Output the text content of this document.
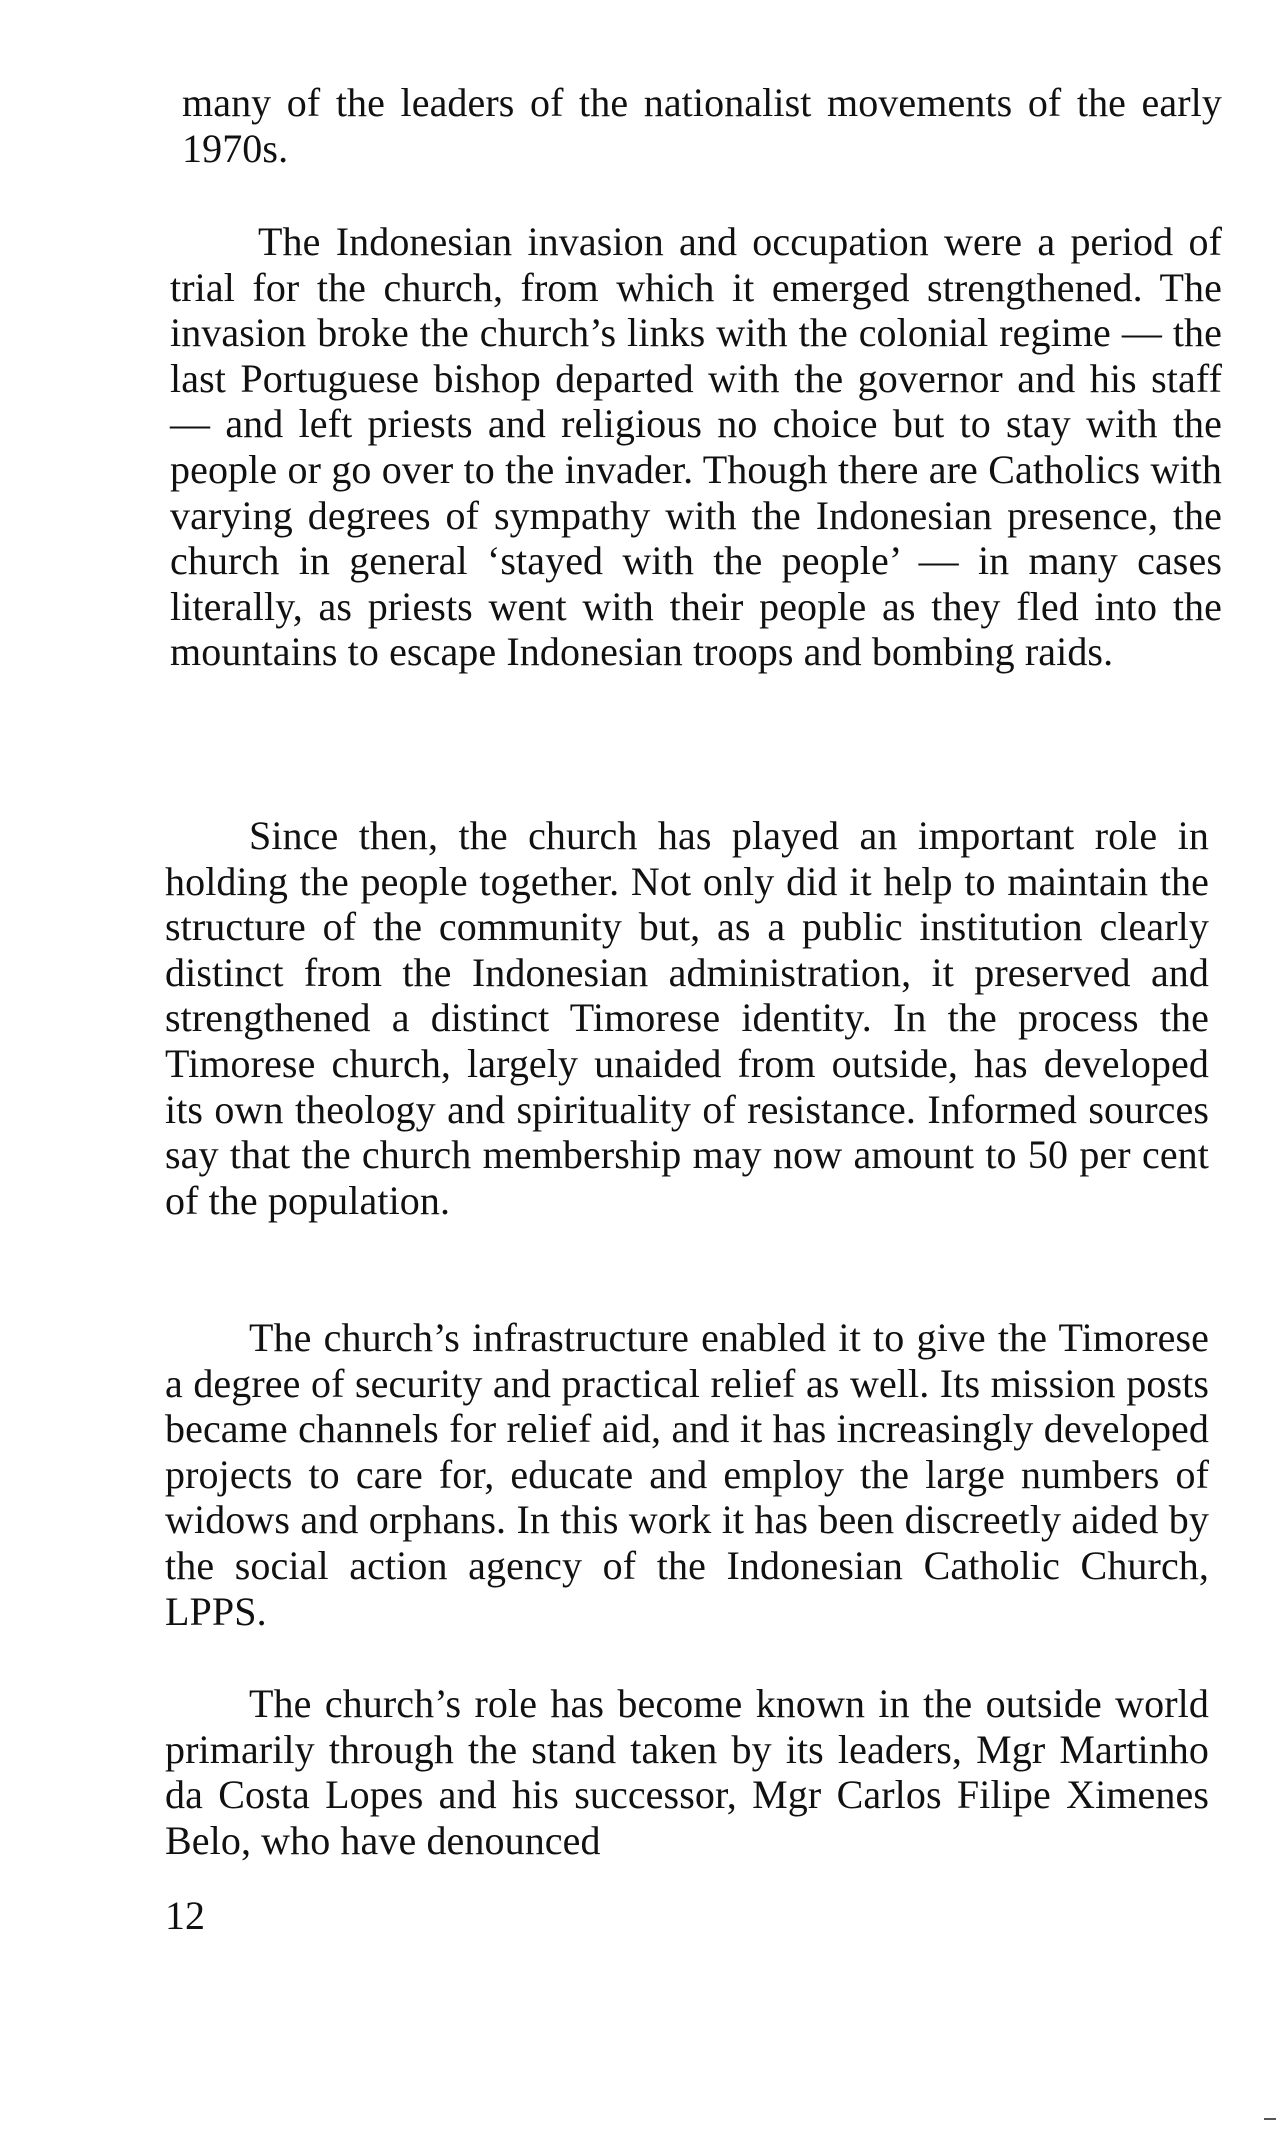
many of the leaders of the nationalist movements of the early 1970s.

The Indonesian invasion and occupation were a period of trial for the church, from which it emerged strengthened. The invasion broke the church’s links with the colonial regime — the last Portuguese bishop departed with the governor and his staff — and left priests and religious no choice but to stay with the people or go over to the invader. Though there are Catholics with varying degrees of sympathy with the Indonesian presence, the church in general ‘stayed with the people’ — in many cases literally, as priests went with their people as they fled into the mountains to escape Indonesian troops and bombing raids.

Since then, the church has played an important role in holding the people together. Not only did it help to maintain the structure of the community but, as a public institution clearly distinct from the Indonesian administration, it preserved and strengthened a distinct Timorese identity. In the process the Timorese church, largely unaided from outside, has developed its own theology and spirituality of resistance. Informed sources say that the church membership may now amount to 50 per cent of the population.

The church’s infrastructure enabled it to give the Timorese a degree of security and practical relief as well. Its mission posts became channels for relief aid, and it has increasingly developed projects to care for, educate and employ the large numbers of widows and orphans. In this work it has been discreetly aided by the social action agency of the Indonesian Catholic Church, LPPS.

The church’s role has become known in the outside world primarily through the stand taken by its leaders, Mgr Martinho da Costa Lopes and his successor, Mgr Carlos Filipe Ximenes Belo, who have denounced

12
